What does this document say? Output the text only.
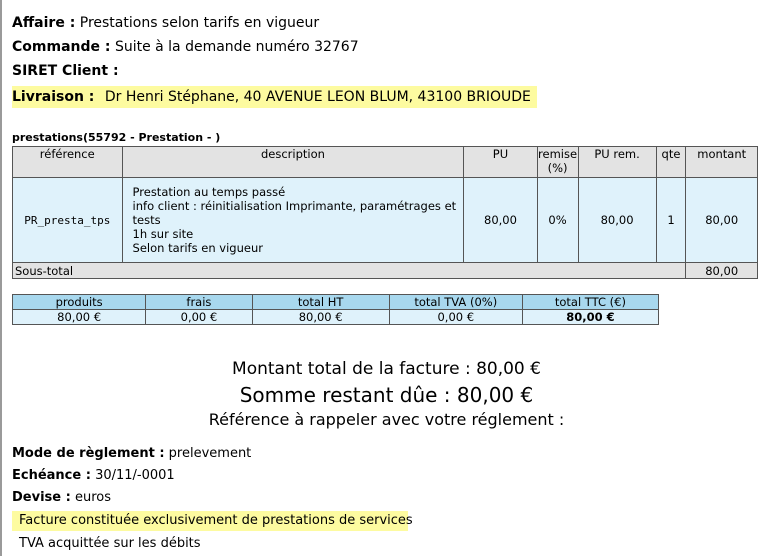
Affaire : Prestations selon tarifs en vigueur
Commande : Suite à la demande numéro 32767
SIRET Client :
Livraison : Dr Henri Stéphane, 40 AVENUE LEON BLUM, 43100 BRIOUDE
prestations(55792 - Prestation - )
référence	description	PU	remise (%)	PU rem.	qte	montant
PR_presta_tps	Prestation au temps passé
info client : réinitialisation Imprimante, paramétrages et
tests
1h sur site
Selon tarifs en vigueur	80,00	0%	80,00	1	80,00
Sous-total						80,00
produits	frais	total HT	total TVA (0%)	total TTC (€)
80,00 €	0,00 €	80,00 €	0,00 €	80,00 €
Montant total de la facture : 80,00 €
Somme restant dûe : 80,00 €
Référence à rappeler avec votre réglement :
Mode de règlement : prelevement
Echéance : 30/11/-0001
Devise : euros
Facture constituée exclusivement de prestations de services
TVA acquittée sur les débits
